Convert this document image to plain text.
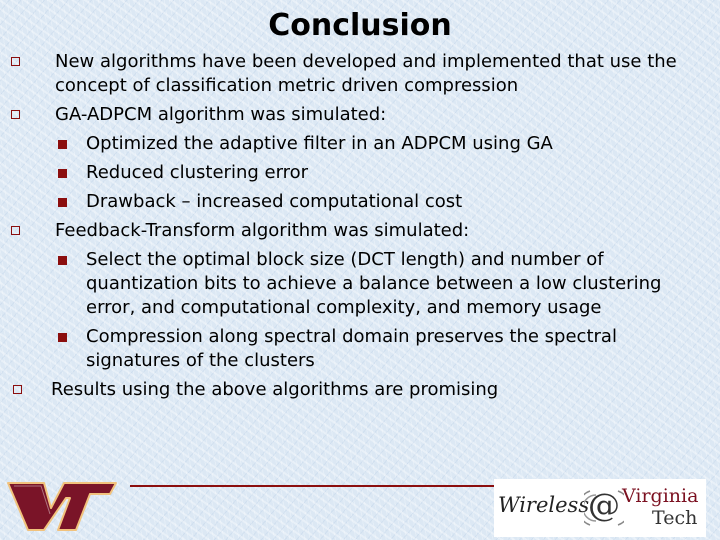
Conclusion
New algorithms have been developed and implemented that use the concept of classification metric driven compression
GA-ADPCM algorithm was simulated:
Optimized the adaptive filter in an ADPCM using GA
Reduced clustering error
Drawback – increased computational cost
Feedback-Transform algorithm was simulated:
Select the optimal block size (DCT length) and number of quantization bits to achieve a balance between a low clustering error, and computational complexity, and memory usage
Compression along spectral domain preserves the spectral signatures of the clusters
Results using the above algorithms are promising
Wireless
@ Virginia
Tech
